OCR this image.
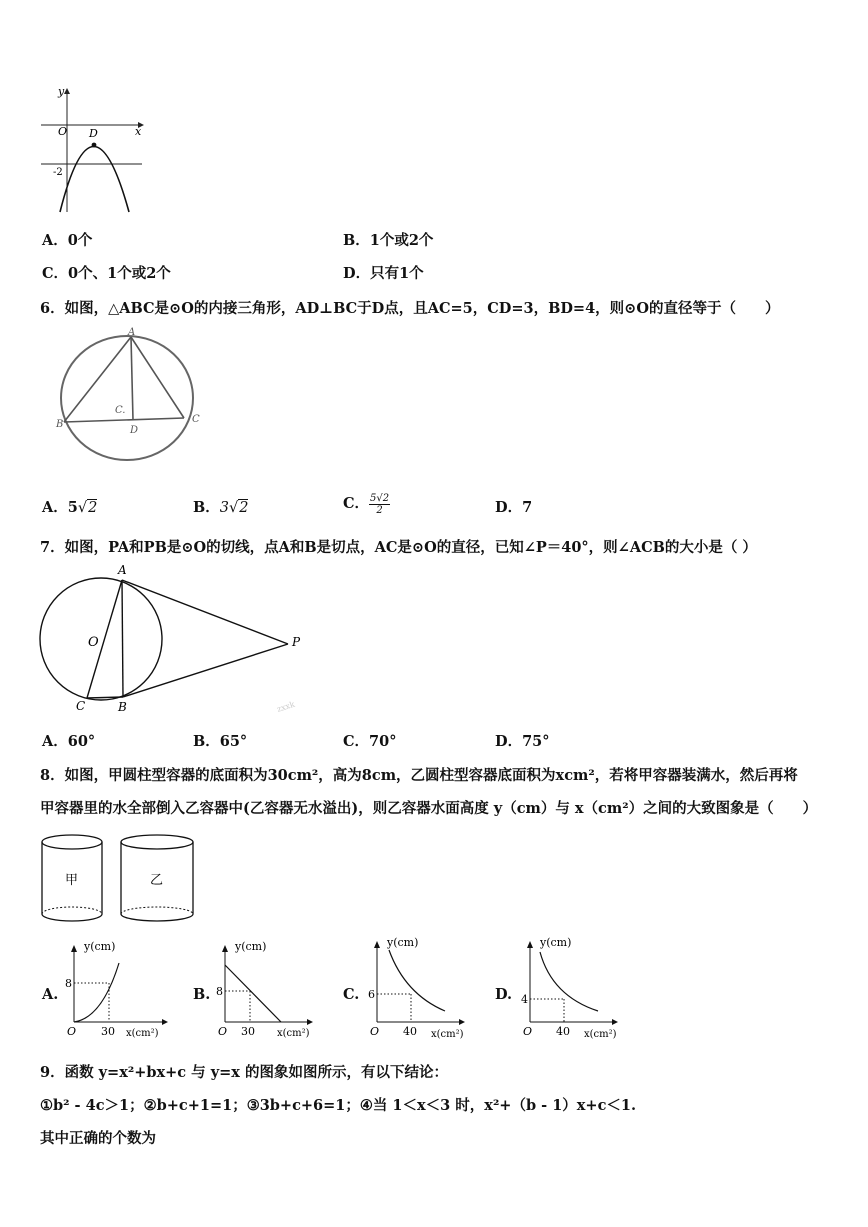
y
x
O D
-2
A．0个	B．1个或2个
C．0个、1个或2个	D．只有1个
6．如图，△ABC是⊙O的内接三角形，AD⊥BC于D点，且AC=5，CD=3，BD=4，则⊙O的直径等于（　　）
A
B	C
D
C.
A．5√2	B．3√2	C． $\frac{5√2}{2}$	D．7
7．如图，PA和PB是⊙O的切线，点A和B是切点，AC是⊙O的直径，已知∠P＝40°，则∠ACB的大小是（ ）
A
O	P
C	B	zxxk
A．60°	B．65°	C．70°	D．75°
8．如图，甲圆柱型容器的底面积为30cm²，高为8cm，乙圆柱型容器底面积为xcm²，若将甲容器装满水，然后再将
甲容器里的水全部倒入乙容器中(乙容器无水溢出)，则乙容器水面高度 y（cm）与 x（cm²）之间的大致图象是（　　）
甲	乙
A.
y(cm)
x(cm²)
8
30
O
B.
y(cm)
x(cm²)
8
30
O
C.
y(cm)
x(cm²)
6
40
O
D.
y(cm)
x(cm²)
4
40
O
9．函数 y=x²+bx+c 与 y=x 的图象如图所示，有以下结论：
①b² - 4c＞1；②b+c+1=1；③3b+c+6=1；④当 1＜x＜3 时，x²+（b - 1）x+c＜1.
其中正确的个数为
